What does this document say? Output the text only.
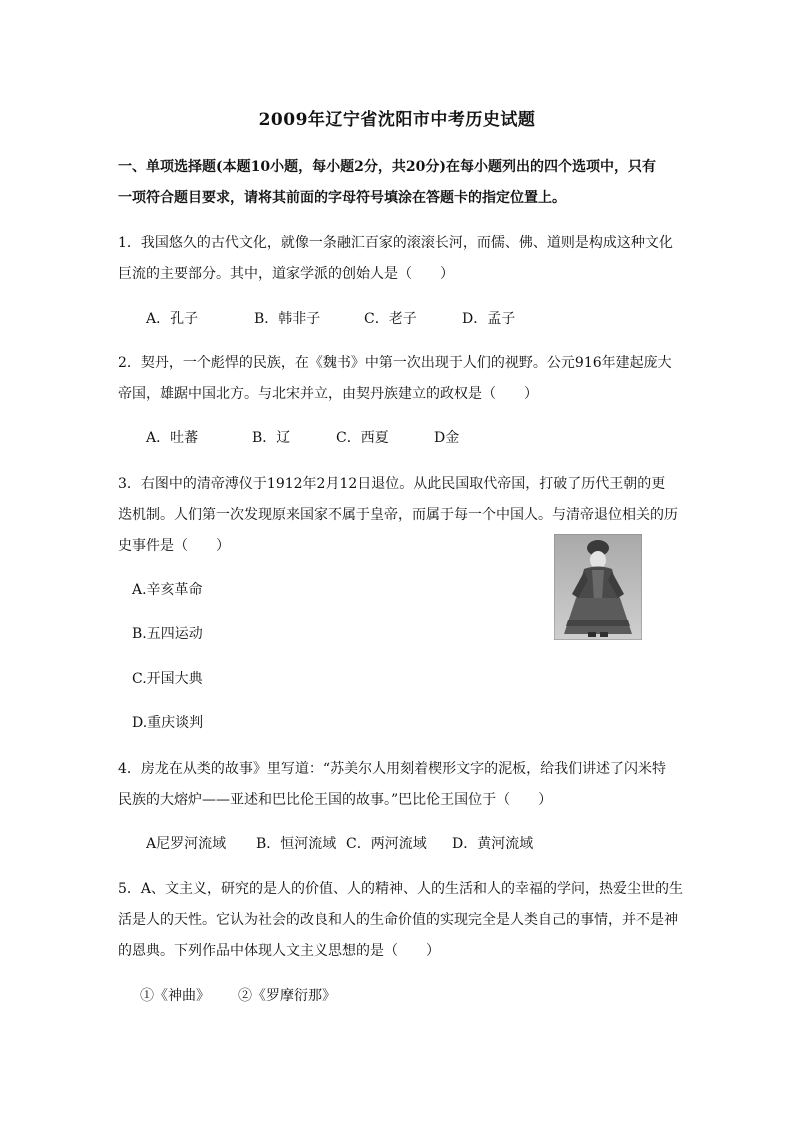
2009年辽宁省沈阳市中考历史试题
一、单项选择题(本题10小题，每小题2分，共20分)在每小题列出的四个选项中，只有
一项符合题目要求，请将其前面的字母符号填涂在答题卡的指定位置上。
1．我国悠久的古代文化，就像一条融汇百家的滚滚长河，而儒、佛、道则是构成这种文化
巨流的主要部分。其中，道家学派的创始人是（　　）
A．孔子	B．韩非子	C．老子	D．孟子
2．契丹，一个彪悍的民族，在《魏书》中第一次出现于人们的视野。公元916年建起庞大
帝国，雄踞中国北方。与北宋并立，由契丹族建立的政权是（　　）
A．吐蕃	B．辽	C．西夏	D金
3．右图中的清帝溥仪于1912年2月12日退位。从此民国取代帝国，打破了历代王朝的更
迭机制。人们第一次发现原来国家不属于皇帝，而属于每一个中国人。与清帝退位相关的历
史事件是（　　）
A.辛亥革命
B.五四运动
C.开国大典
D.重庆谈判
4．房龙在从类的故事》里写道：“苏美尔人用刻着楔形文字的泥板，给我们讲述了闪米特
民族的大熔炉——亚述和巴比伦王国的故事。”巴比伦王国位于（　　）
A尼罗河流域 B．恒河流域 C．两河流域 D．黄河流域
5．A、文主义，研究的是人的价值、人的精神、人的生活和人的幸福的学问，热爱尘世的生
活是人的天性。它认为社会的改良和人的生命价值的实现完全是人类自己的事情，并不是神
的恩典。下列作品中体现人文主义思想的是（　　）
①《神曲》 ②《罗摩衍那》
